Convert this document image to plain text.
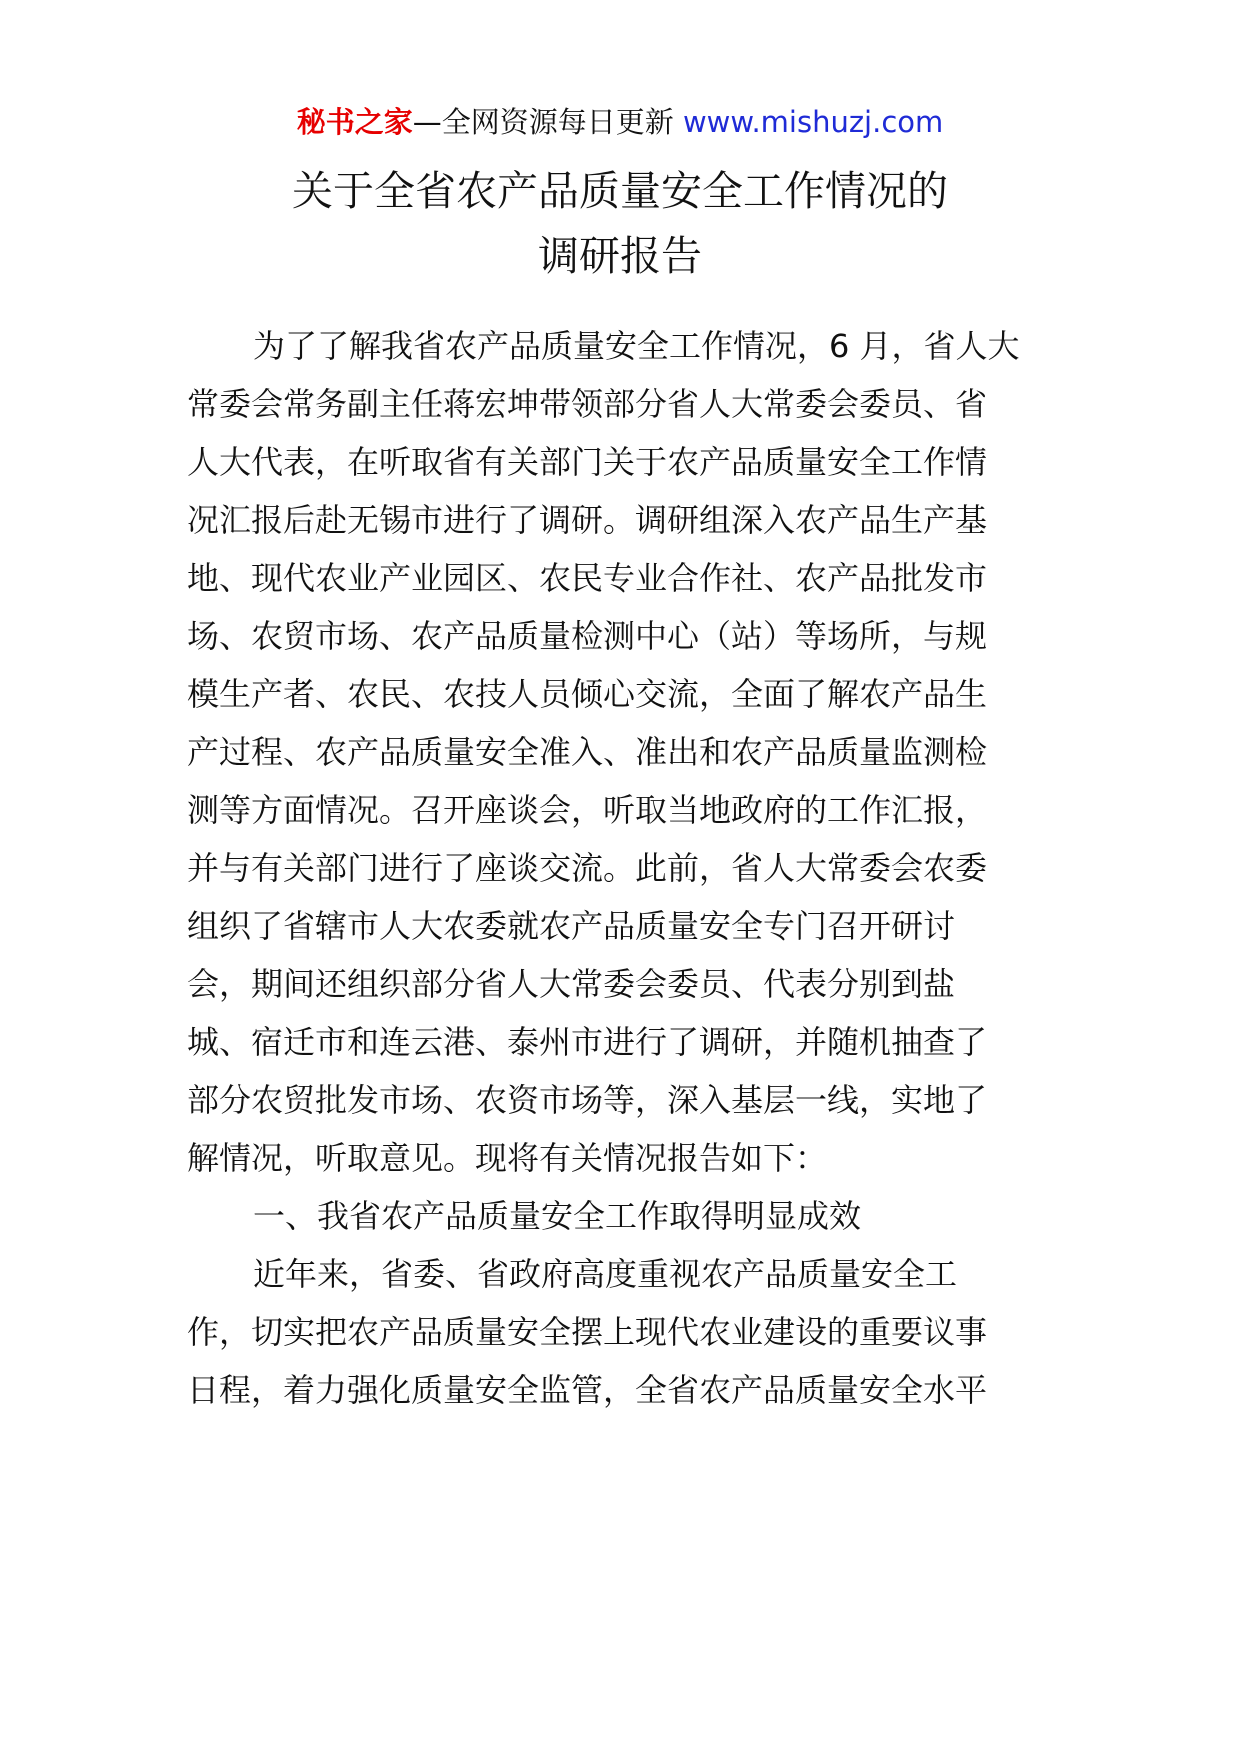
秘书之家—全网资源每日更新 www.mishuzj.com
关于全省农产品质量安全工作情况的
调研报告
为了了解我省农产品质量安全工作情况，6 月，省人大
常委会常务副主任蒋宏坤带领部分省人大常委会委员、省
人大代表，在听取省有关部门关于农产品质量安全工作情
况汇报后赴无锡市进行了调研。调研组深入农产品生产基
地、现代农业产业园区、农民专业合作社、农产品批发市
场、农贸市场、农产品质量检测中心（站）等场所，与规
模生产者、农民、农技人员倾心交流，全面了解农产品生
产过程、农产品质量安全准入、准出和农产品质量监测检
测等方面情况。召开座谈会，听取当地政府的工作汇报，
并与有关部门进行了座谈交流。此前，省人大常委会农委
组织了省辖市人大农委就农产品质量安全专门召开研讨
会，期间还组织部分省人大常委会委员、代表分别到盐
城、宿迁市和连云港、泰州市进行了调研，并随机抽查了
部分农贸批发市场、农资市场等，深入基层一线，实地了
解情况，听取意见。现将有关情况报告如下：
一、我省农产品质量安全工作取得明显成效
近年来，省委、省政府高度重视农产品质量安全工
作，切实把农产品质量安全摆上现代农业建设的重要议事
日程，着力强化质量安全监管，全省农产品质量安全水平
